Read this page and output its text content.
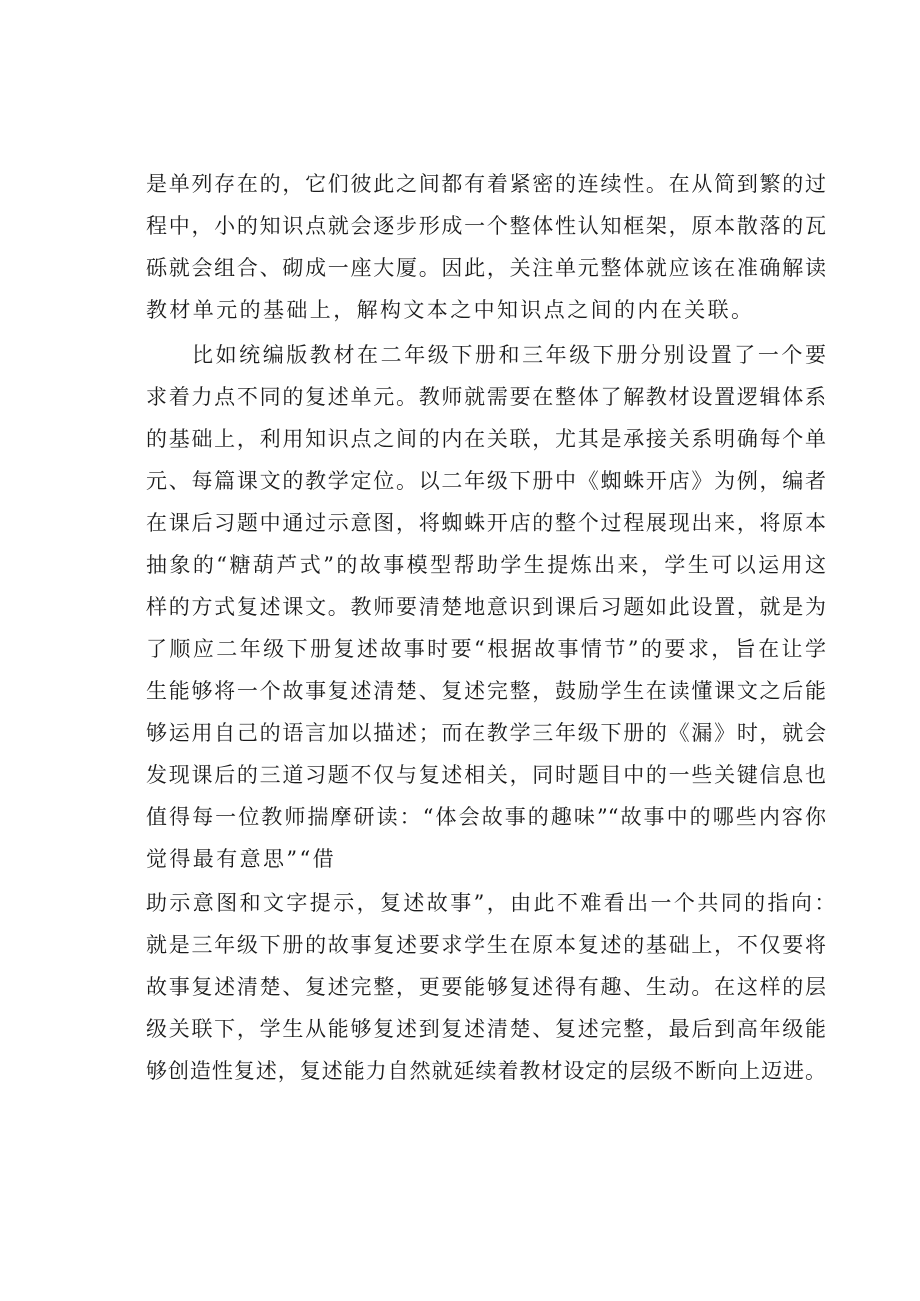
是单列存在的，它们彼此之间都有着紧密的连续性。在从简到繁的过
程中，小的知识点就会逐步形成一个整体性认知框架，原本散落的瓦
砾就会组合、砌成一座大厦。因此，关注单元整体就应该在准确解读
教材单元的基础上，解构文本之中知识点之间的内在关联。
比如统编版教材在二年级下册和三年级下册分别设置了一个要
求着力点不同的复述单元。教师就需要在整体了解教材设置逻辑体系
的基础上，利用知识点之间的内在关联，尤其是承接关系明确每个单
元、每篇课文的教学定位。以二年级下册中《蜘蛛开店》为例，编者
在课后习题中通过示意图，将蜘蛛开店的整个过程展现出来，将原本
抽象的“糖葫芦式”的故事模型帮助学生提炼出来，学生可以运用这
样的方式复述课文。教师要清楚地意识到课后习题如此设置，就是为
了顺应二年级下册复述故事时要“根据故事情节”的要求，旨在让学
生能够将一个故事复述清楚、复述完整，鼓励学生在读懂课文之后能
够运用自己的语言加以描述；而在教学三年级下册的《漏》时，就会
发现课后的三道习题不仅与复述相关，同时题目中的一些关键信息也
值得每一位教师揣摩研读：“体会故事的趣味”“故事中的哪些内容你
觉得最有意思”“借
助示意图和文字提示，复述故事”，由此不难看出一个共同的指向：
就是三年级下册的故事复述要求学生在原本复述的基础上，不仅要将
故事复述清楚、复述完整，更要能够复述得有趣、生动。在这样的层
级关联下，学生从能够复述到复述清楚、复述完整，最后到高年级能
够创造性复述，复述能力自然就延续着教材设定的层级不断向上迈进。
